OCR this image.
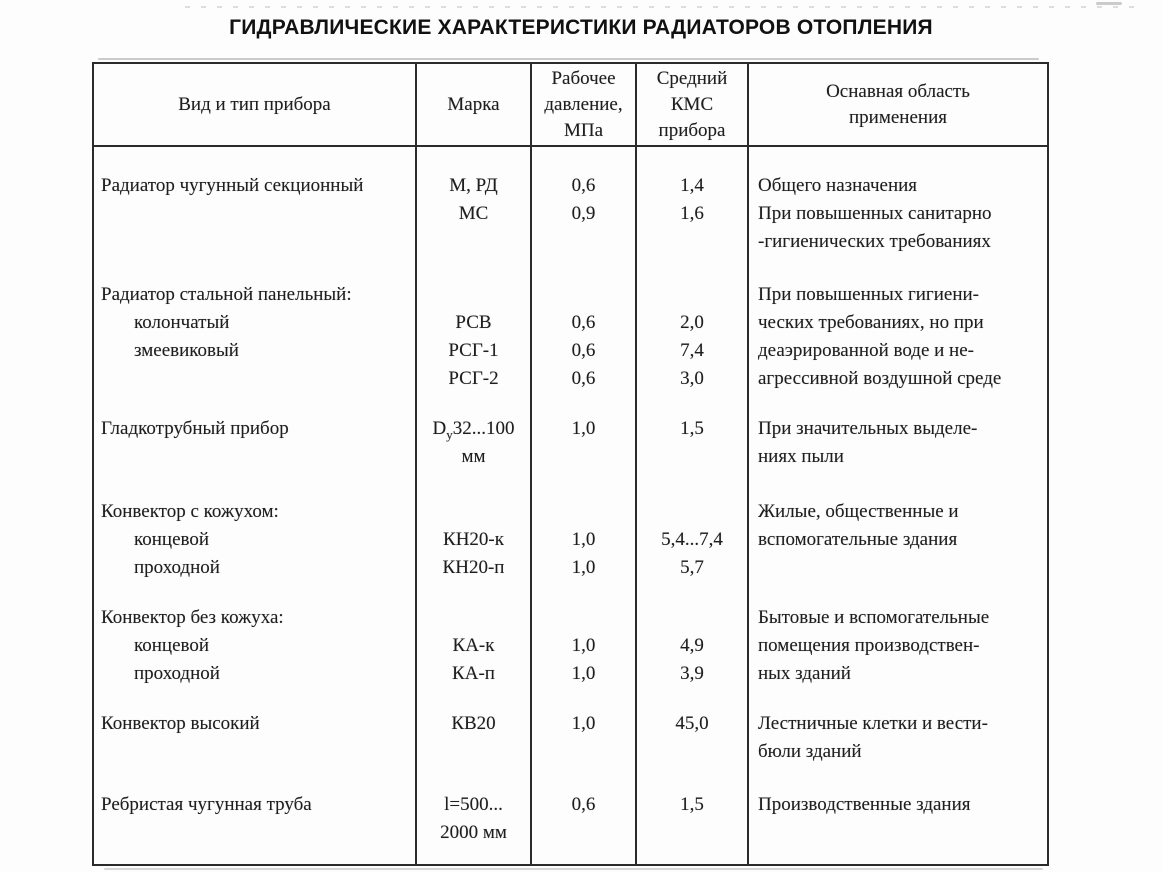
ГИДРАВЛИЧЕСКИЕ ХАРАКТЕРИСТИКИ РАДИАТОРОВ ОТОПЛЕНИЯ
Вид и тип прибора	Марка
Рабочее
давление,
МПа
Средний
КМС
прибора
Оснавная область
применения
Радиатор чугунный секционный

Радиатор стальной панельный:
колончатый
змеевиковый

Гладкотрубный прибор

Конвектор с кожухом:
концевой
проходной
Конвектор без кожуха:
концевой
проходной
Конвектор высокий

Ребристая чугунная труба

М, РД
МС

РСВ
РСГ-1
РСГ-2
$D_y32...100$
мм

КН20-к
КН20-п

КА-к
КА-п
КВ20

l=500...
2000 мм
0,6
0,9

0,6
0,6
0,6
1,0

1,0
1,0

1,0
1,0
1,0

0,6

1,4
1,6

2,0
7,4
3,0
1,5

5,4...7,4
5,7

4,9
3,9
45,0

1,5

Общего назначения
При повышенных санитарно
-гигиенических требованиях
При повышенных гигиени-
ческих требованиях, но при
деаэрированной воде и не-
агрессивной воздушной среде
При значительных выделе-
ниях пыли
Жилые, общественные и
вспомогательные здания

Бытовые и вспомогательные
помещения производствен-
ных зданий
Лестничные клетки и вести-
бюли зданий
Производственные здания
